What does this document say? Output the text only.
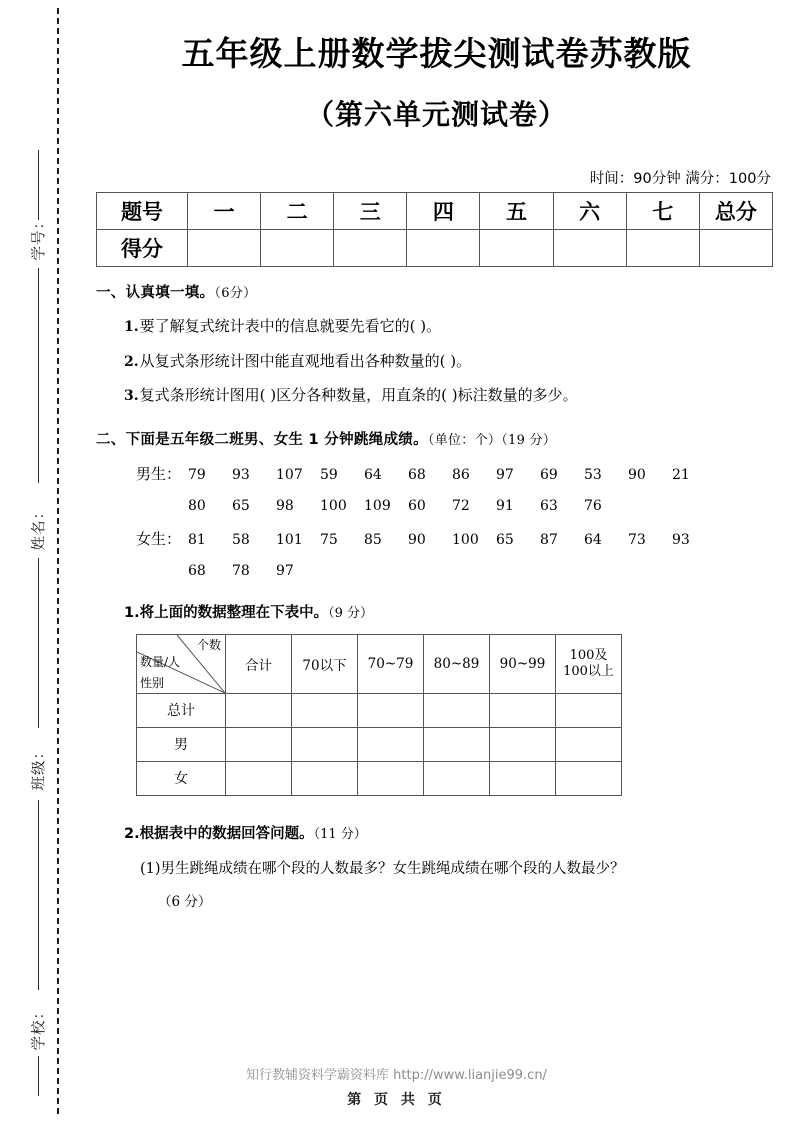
学号：
姓名：
班级：
学校：
五年级上册数学拔尖测试卷苏教版
（第六单元测试卷）
时间：90分钟 满分：100分
题号	一	二	三	四	五	六	七	总分
得分								
一、认真填一填。（6分）
1.要了解复式统计表中的信息就要先看它的( )。
2.从复式条形统计图中能直观地看出各种数量的( )。
3.复式条形统计图用( )区分各种数量，用直条的( )标注数量的多少。
二、下面是五年级二班男、女生 1 分钟跳绳成绩。（单位：个）（19 分）
男生： 79 93 107 59 64 68 86 97 69 53 90 21
80 65 98 100 109 60 72 91 63 76
女生： 81 58 101 75 85 90 100 65 87 64 73 93
68 78 97
1.将上面的数据整理在下表中。（9 分）
个数
数量/人
性别
	合计	70以下	70~79	80~89	90~99	100及
100以上

总计						
男						
女						
2.根据表中的数据回答问题。（11 分）
(1)男生跳绳成绩在哪个段的人数最多？女生跳绳成绩在哪个段的人数最少？
（6 分）
知行教辅资料学霸资料库 http://www.lianjie99.cn/
第 页 共 页
